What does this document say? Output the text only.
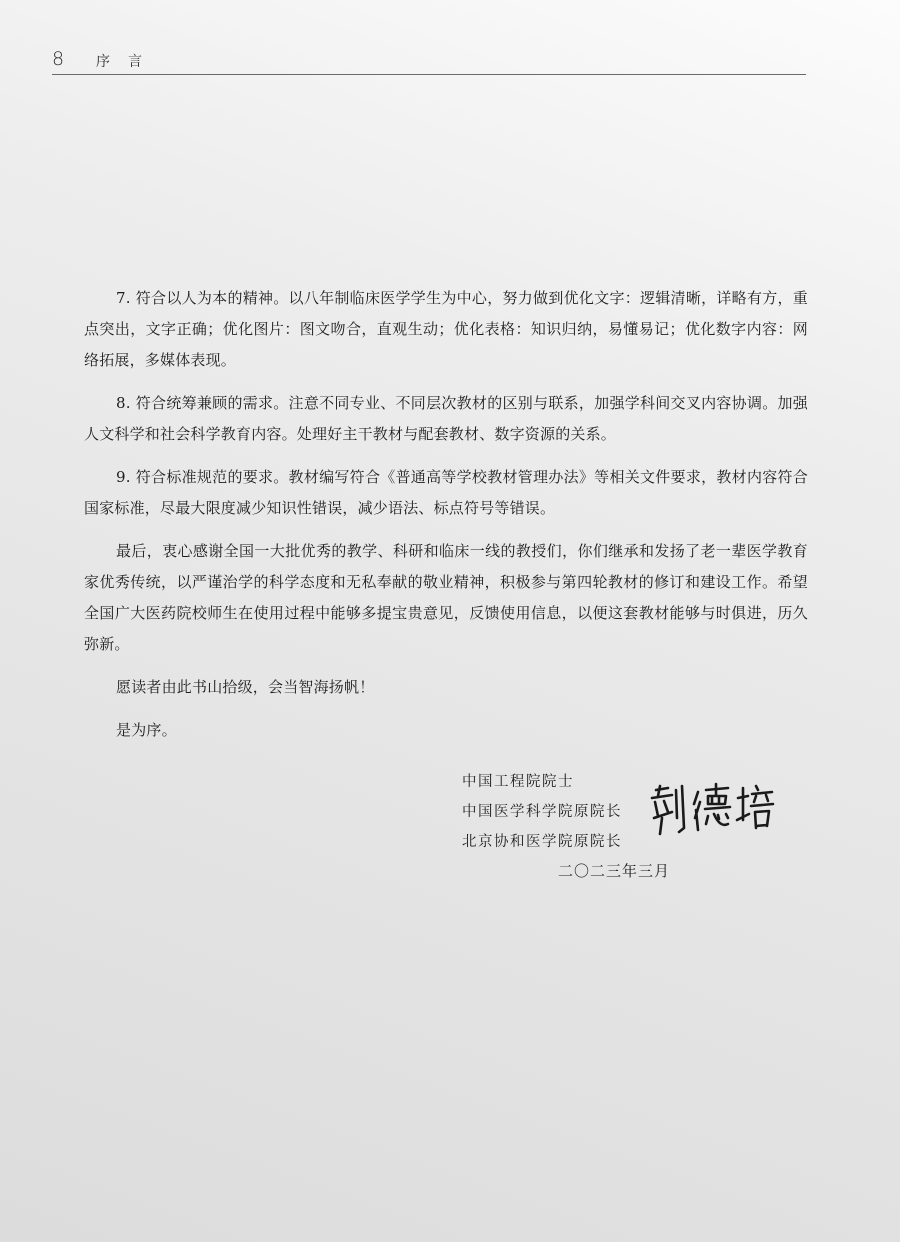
8 序言

7. 符合以人为本的精神。以八年制临床医学学生为中心，努力做到优化文字：逻辑清晰，详略有方，重点突出，文字正确；优化图片：图文吻合，直观生动；优化表格：知识归纳，易懂易记；优化数字内容：网络拓展，多媒体表现。

8. 符合统筹兼顾的需求。注意不同专业、不同层次教材的区别与联系，加强学科间交叉内容协调。加强人文科学和社会科学教育内容。处理好主干教材与配套教材、数字资源的关系。

9. 符合标准规范的要求。教材编写符合《普通高等学校教材管理办法》等相关文件要求，教材内容符合国家标准，尽最大限度减少知识性错误，减少语法、标点符号等错误。

最后，衷心感谢全国一大批优秀的教学、科研和临床一线的教授们，你们继承和发扬了老一辈医学教育家优秀传统，以严谨治学的科学态度和无私奉献的敬业精神，积极参与第四轮教材的修订和建设工作。希望全国广大医药院校师生在使用过程中能够多提宝贵意见，反馈使用信息，以便这套教材能够与时俱进，历久弥新。

愿读者由此书山拾级，会当智海扬帆！

是为序。

中国工程院院士
中国医学科学院原院长
北京协和医学院原院长
二〇二三年三月
